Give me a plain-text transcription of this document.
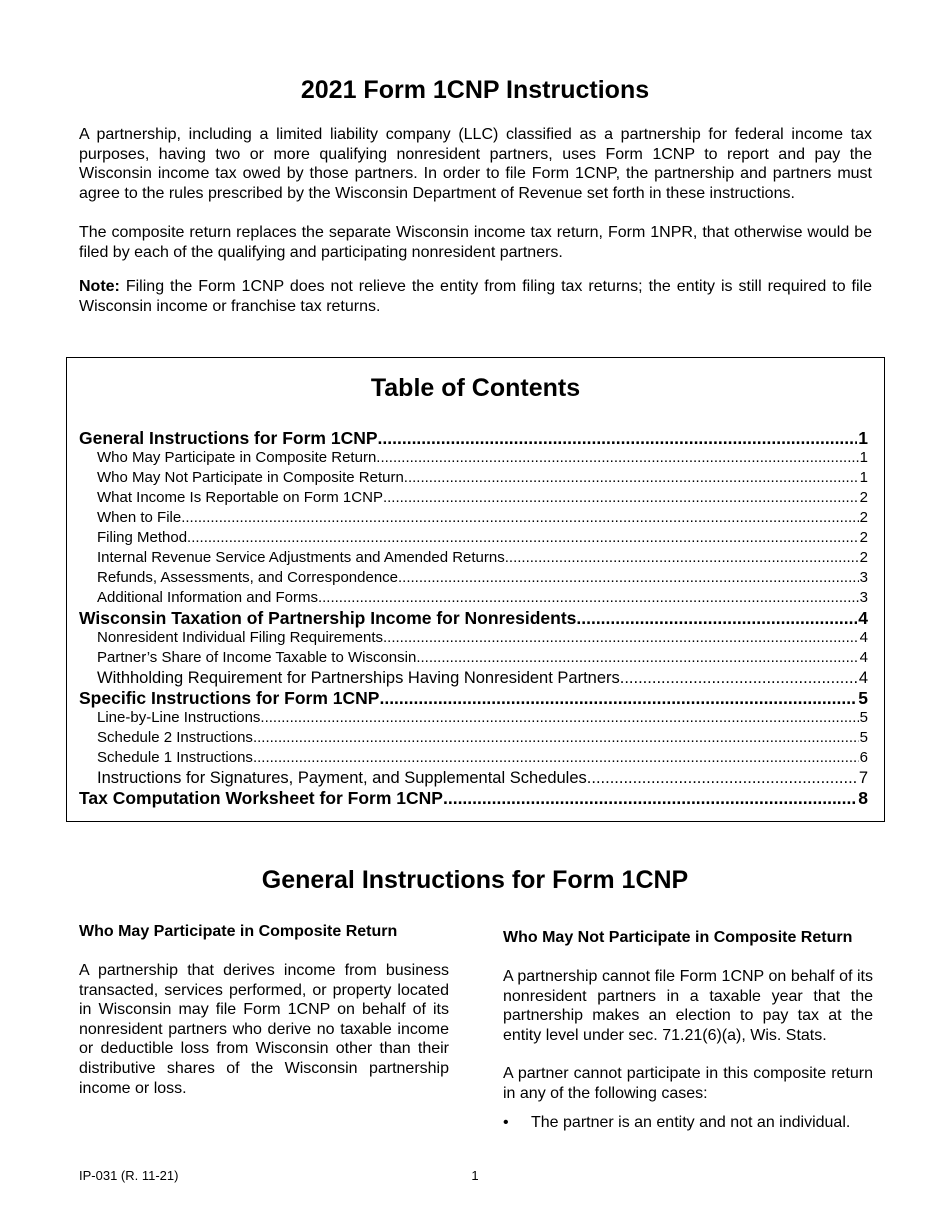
2021 Form 1CNP Instructions

A partnership, including a limited liability company (LLC) classified as a partnership for federal income tax purposes, having two or more qualifying nonresident partners, uses Form 1CNP to report and pay the Wisconsin income tax owed by those partners. In order to file Form 1CNP, the partnership and partners must agree to the rules prescribed by the Wisconsin Department of Revenue set forth in these instructions.

The composite return replaces the separate Wisconsin income tax return, Form 1NPR, that otherwise would be filed by each of the qualifying and participating nonresident partners.

Note: Filing the Form 1CNP does not relieve the entity from filing tax returns; the entity is still required to file Wisconsin income or franchise tax returns.

Table of Contents
General Instructions for Form 1CNP .....	1
Who May Participate in Composite Return .....	1
Who May Not Participate in Composite Return .....	1
What Income Is Reportable on Form 1CNP .....	2
When to File .....	2
Filing Method .....	2
Internal Revenue Service Adjustments and Amended Returns .....	2
Refunds, Assessments, and Correspondence .....	3
Additional Information and Forms .....	3
Wisconsin Taxation of Partnership Income for Nonresidents .....	4
Nonresident Individual Filing Requirements .....	4
Partner’s Share of Income Taxable to Wisconsin .....	4
Withholding Requirement for Partnerships Having Nonresident Partners .....	4
Specific Instructions for Form 1CNP .....	5
Line-by-Line Instructions .....	5
Schedule 2 Instructions .....	5
Schedule 1 Instructions .....	6
Instructions for Signatures, Payment, and Supplemental Schedules .....	7
Tax Computation Worksheet for Form 1CNP .....	8
General Instructions for Form 1CNP
Who May Participate in Composite Return

A partnership that derives income from business transacted, services performed, or property located in Wisconsin may file Form 1CNP on behalf of its nonresident partners who derive no taxable income or deductible loss from Wisconsin other than their distributive shares of the Wisconsin partnership income or loss.

Who May Not Participate in Composite Return

A partnership cannot file Form 1CNP on behalf of its nonresident partners in a taxable year that the partnership makes an election to pay tax at the entity level under sec. 71.21(6)(a), Wis. Stats.

A partner cannot participate in this composite return in any of the following cases:

• The partner is an entity and not an individual.
IP-031 (R. 11-21)	1
